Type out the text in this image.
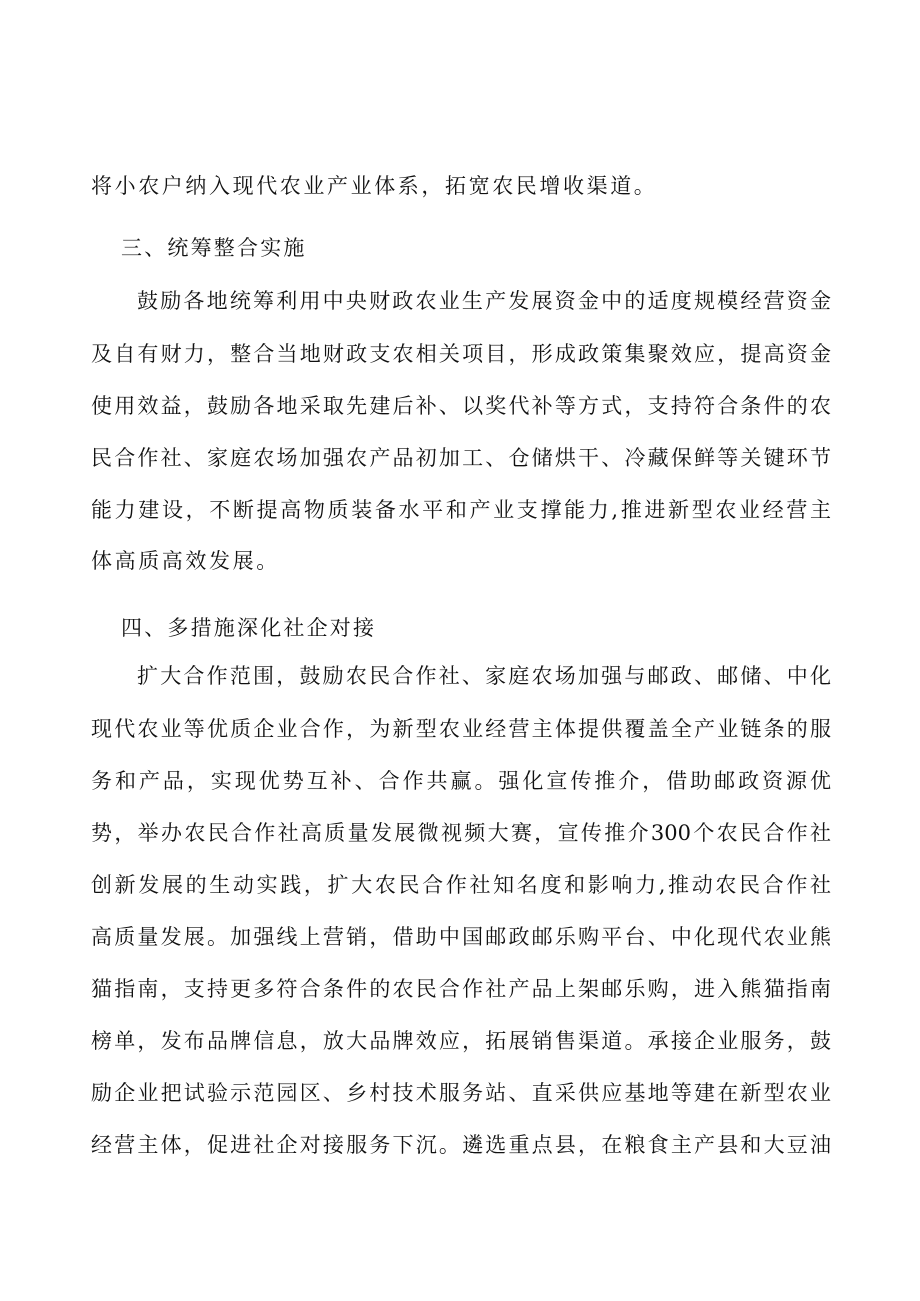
将小农户纳入现代农业产业体系，拓宽农民增收渠道。
三、统筹整合实施
鼓励各地统筹利用中央财政农业生产发展资金中的适度规模经营资金
及自有财力，整合当地财政支农相关项目，形成政策集聚效应，提高资金
使用效益，鼓励各地采取先建后补、以奖代补等方式，支持符合条件的农
民合作社、家庭农场加强农产品初加工、仓储烘干、冷藏保鲜等关键环节
能力建设，不断提高物质装备水平和产业支撑能力,推进新型农业经营主
体高质高效发展。
四、多措施深化社企对接
扩大合作范围，鼓励农民合作社、家庭农场加强与邮政、邮储、中化
现代农业等优质企业合作，为新型农业经营主体提供覆盖全产业链条的服
务和产品，实现优势互补、合作共赢。强化宣传推介，借助邮政资源优
势，举办农民合作社高质量发展微视频大赛，宣传推介300个农民合作社
创新发展的生动实践，扩大农民合作社知名度和影响力,推动农民合作社
高质量发展。加强线上营销，借助中国邮政邮乐购平台、中化现代农业熊
猫指南，支持更多符合条件的农民合作社产品上架邮乐购，进入熊猫指南
榜单，发布品牌信息，放大品牌效应，拓展销售渠道。承接企业服务，鼓
励企业把试验示范园区、乡村技术服务站、直采供应基地等建在新型农业
经营主体，促进社企对接服务下沉。遴选重点县，在粮食主产县和大豆油
